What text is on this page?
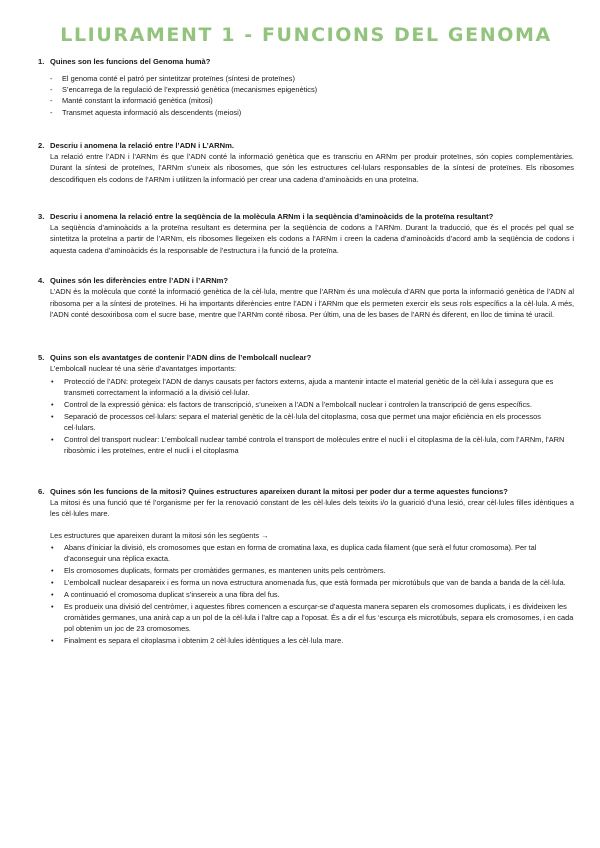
LLIURAMENT 1 - FUNCIONS DEL GENOMA

1. Quines son les funcions del Genoma humà?

-	El genoma conté el patró per sintetitzar proteïnes (síntesi de proteïnes)
-	S’encarrega de la regulació de l’expressió genètica (mecanismes epigenètics)
-	Manté constant la informació genètica (mitosi)
-	Transmet aquesta informació als descendents (meiosi)

2. Descriu i anomena la relació entre l’ADN i L’ARNm.

La relació entre l’ADN i l’ARNm és que l’ADN conté la informació genètica que es transcriu en ARNm per produir proteïnes, són copies complementàries. Durant la síntesi de proteïnes, l’ARNm s’uneix als ribosomes, que són les estructures cel·lulars responsables de la síntesi de proteïnes. Els ribosomes descodifiquen els codons de l’ARNm i utilitzen la informació per crear una cadena d’aminoàcids en una proteïna.

3. Descriu i anomena la relació entre la seqüència de la molècula ARNm i la seqüència d’aminoàcids de la proteïna resultant?

La seqüència d’aminoàcids a la proteïna resultant es determina per la seqüència de codons a l’ARNm. Durant la traducció, que és el procés pel qual se sintetitza la proteïna a partir de l’ARNm, els ribosomes llegeixen els codons a l’ARNm i creen la cadena d’aminoàcids d’acord amb la seqüència de codons i aquesta cadena d’aminoàcids és la responsable de l’estructura i la funció de la proteïna.

4. Quines són les diferències entre l’ADN i l’ARNm?

L’ADN és la molècula que conté la informació genètica de la cèl·lula, mentre que l’ARNm és una molècula d’ARN que porta la informació genètica de l’ADN al ribosoma per a la síntesi de proteïnes. Hi ha importants diferències entre l’ADN i l’ARNm que els permeten exercir els seus rols específics a la cèl·lula. A més, l’ADN conté desoxiribosa com el sucre base, mentre que l’ARNm conté ribosa. Per últim, una de les bases de l’ARN és diferent, en lloc de timina té uracil.

5. Quins son els avantatges de contenir l’ADN dins de l’embolcall nuclear?

L’embolcall nuclear té una sèrie d’avantatges importants:

•	Protecció de l’ADN: protegeix l’ADN de danys causats per factors externs, ajuda a mantenir intacte el material genètic de la cèl·lula i assegura que es transmeti correctament la informació a la divisió cel·lular.
•	Control de la expressió gènica: els factors de transcripció, s’uneixen a l’ADN a l’embolcall nuclear i controlen la transcripció de gens específics.
•	Separació de processos cel·lulars: separa el material genètic de la cèl·lula del citoplasma, cosa que permet una major eficiència en els processos cel·lulars.
•	Control del transport nuclear: L’embolcall nuclear també controla el transport de molècules entre el nucli i el citoplasma de la cèl·lula, com l’ARNm, l’ARN ribosòmic i les proteïnes, entre el nucli i el citoplasma

6. Quines són les funcions de la mitosi? Quines estructures apareixen durant la mitosi per poder dur a terme aquestes funcions?

La mitosi és una funció que té l’organisme per fer la renovació constant de les cèl·lules dels teixits i/o la guarició d’una lesió, crear cèl·lules filles idèntiques a les cèl·lules mare.

Les estructures que apareixen durant la mitosi són les següents →

•	Abans d’iniciar la divisió, els cromosomes que estan en forma de cromatina laxa, es duplica cada filament (que serà el futur cromosoma). Per tal d’aconseguir una rèplica exacta.
•	Els cromosomes duplicats, formats per cromàtides germanes, es mantenen units pels centròmers.
•	L’embolcall nuclear desapareix i es forma un nova estructura anomenada fus, que està formada per microtúbuls que van de banda a banda de la cèl·lula.
•	A continuació el cromosoma duplicat s’insereix a una fibra del fus.
•	Es produeix una divisió del centròmer, i aquestes fibres comencen a escurçar-se d’aquesta manera separen els cromosomes duplicats, i es divideixen les cromàtides germanes, una anirà cap a un pol de la cèl·lula i l’altre cap a l’oposat. És a dir el fus ‘escurça els microtúbuls, separa els cromosomes, i en cada pol obtenim un joc de 23 cromosomes.
•	Finalment es separa el citoplasma i obtenim 2 cèl·lules idèntiques a les cèl·lula mare.
